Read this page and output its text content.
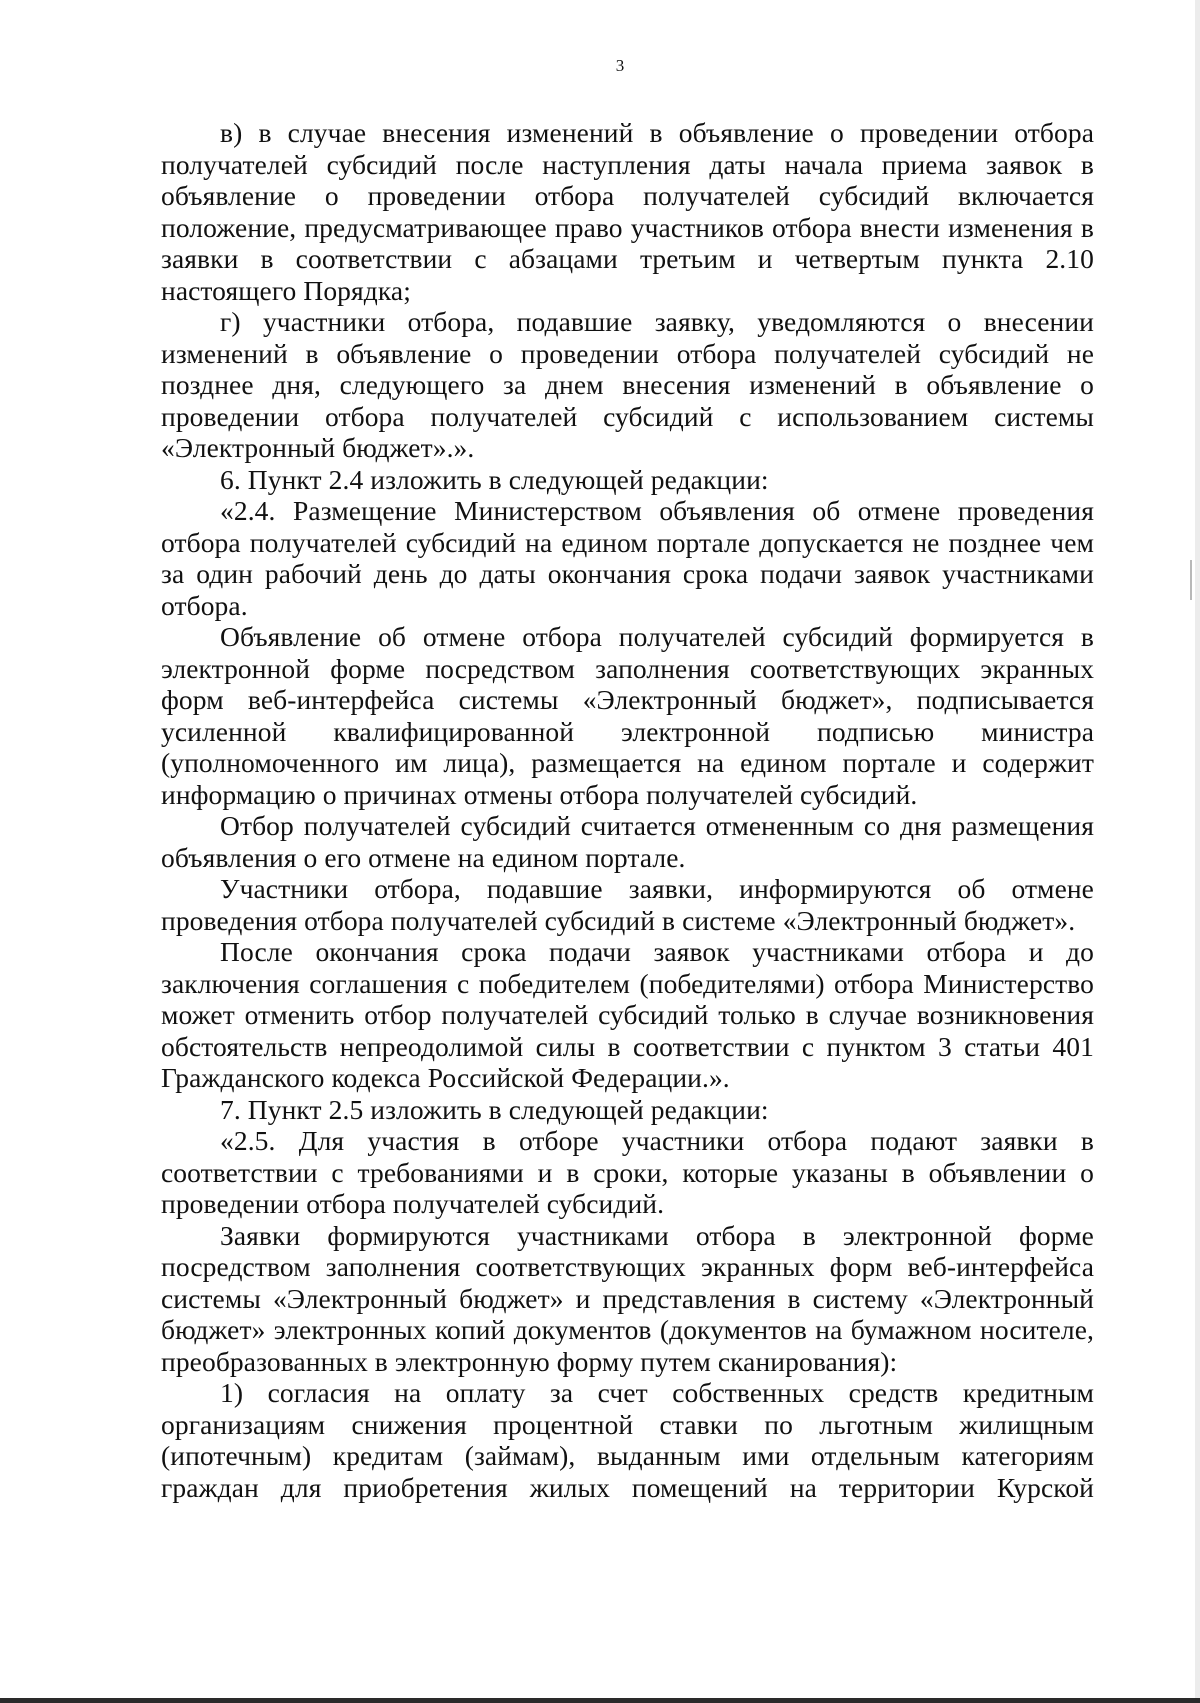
3

в) в случае внесения изменений в объявление о проведении отбора получателей субсидий после наступления даты начала приема заявок в объявление о проведении отбора получателей субсидий включается положение, предусматривающее право участников отбора внести изменения в заявки в соответствии с абзацами третьим и четвертым пункта 2.10 настоящего Порядка;

г) участники отбора, подавшие заявку, уведомляются о внесении изменений в объявление о проведении отбора получателей субсидий не позднее дня, следующего за днем внесения изменений в объявление о проведении отбора получателей субсидий с использованием системы «Электронный бюджет».».

6. Пункт 2.4 изложить в следующей редакции:

«2.4. Размещение Министерством объявления об отмене проведения отбора получателей субсидий на едином портале допускается не позднее чем за один рабочий день до даты окончания срока подачи заявок участниками отбора.

Объявление об отмене отбора получателей субсидий формируется в электронной форме посредством заполнения соответствующих экранных форм веб-интерфейса системы «Электронный бюджет», подписывается усиленной квалифицированной электронной подписью министра (уполномоченного им лица), размещается на едином портале и содержит информацию о причинах отмены отбора получателей субсидий.

Отбор получателей субсидий считается отмененным со дня размещения объявления о его отмене на едином портале.

Участники отбора, подавшие заявки, информируются об отмене проведения отбора получателей субсидий в системе «Электронный бюджет».

После окончания срока подачи заявок участниками отбора и до заключения соглашения с победителем (победителями) отбора Министерство может отменить отбор получателей субсидий только в случае возникновения обстоятельств непреодолимой силы в соответствии с пунктом 3 статьи 401 Гражданского кодекса Российской Федерации.».

7. Пункт 2.5 изложить в следующей редакции:

«2.5. Для участия в отборе участники отбора подают заявки в соответствии с требованиями и в сроки, которые указаны в объявлении о проведении отбора получателей субсидий.

Заявки формируются участниками отбора в электронной форме посредством заполнения соответствующих экранных форм веб-интерфейса системы «Электронный бюджет» и представления в систему «Электронный бюджет» электронных копий документов (документов на бумажном носителе, преобразованных в электронную форму путем сканирования):

1) согласия на оплату за счет собственных средств кредитным организациям снижения процентной ставки по льготным жилищным (ипотечным) кредитам (займам), выданным ими отдельным категориям граждан для приобретения жилых помещений на территории Курской
